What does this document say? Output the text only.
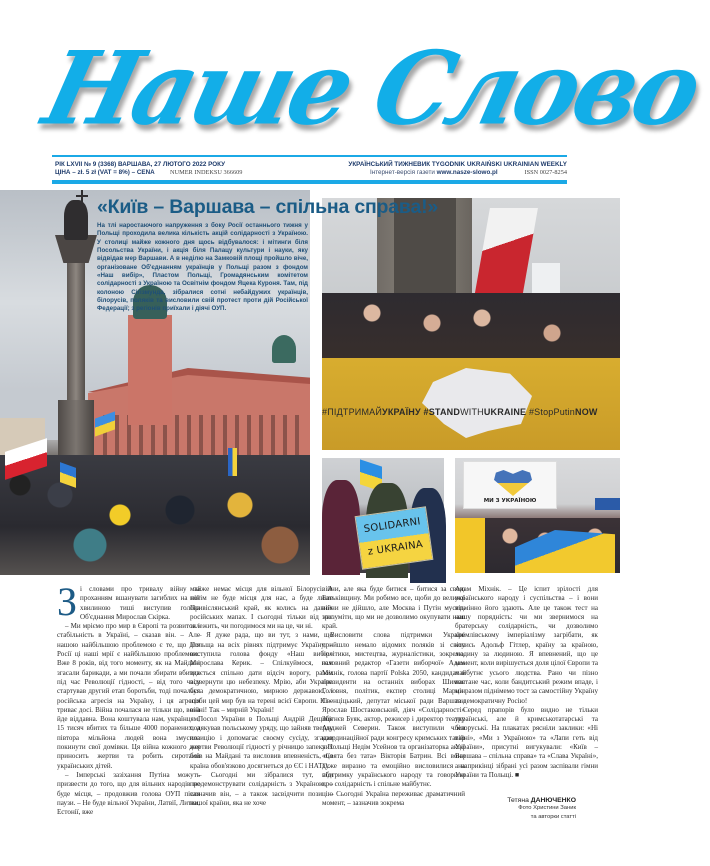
Наше Слово
РІК LXVII № 9 (3368) ВАРШАВА, 27 ЛЮТОГО 2022 РОКУ
ЦІНА – zł. 5 zł (VAT = 8%) – CENA NUMER INDEKSU 366609
УКРАЇНСЬКИЙ ТИЖНЕВИК TYGODNIK UKRAIŃSKI UKRAINIAN WEEKLY
Інтернет-версія газети www.nasze-slowo.pl	ISSN 0027-8254
«Київ – Варшава – спільна справа!»
На тлі наростаючого напруження з боку Росії останнього тижня у Польщі проходила велика кількість акцій солідарності з Україною. У столиці майже кожного дня щось відбувалося: і мітинги біля Посольства України, і акція біля Палацу культури і науки, яку відвідав мер Варшави. А в неділю на Замковій площі пройшло віче, організоване Об'єднанням українців у Польщі разом з фондом «Наш вибір», Пластом Польщі, Громадянським комітетом солідарності з Україною та Освітнім фондом Яцека Куроня. Там, під колоною Сігізмунда, зібралися сотні небайдужих українців, білорусів, поляків та висловили свій протест проти дій Російської Федерації; з регіонів приїхали і діячі ОУП.
#ПІДТРИМАЙУКРАЇНУ #STANDWITHUKRAINE #StopPutinNOW
SOLIDARNI
z UKRAINA
МИ З УКРАЇНОЮ

Зі словами про тривалу війну та проханням вшанувати загиблих на ній хвилиною тиші виступив голова Об'єднання Мирослав Скірка.

– Ми мріємо про мир в Європі та розвиток і стабільність в Україні, – сказав він. – Але нашою найбільшою проблемою є те, що для Росії ці наші мрії є найбільшою проблемою. Вже 8 років, від того моменту, як на Майдані згасали барикади, а ми почали збирати вбитих під час Революції гідності, – від того часу стартував другий етап боротьби, тоді почалася російська агресія на Україну, і ця агресія триває досі. Війна почалася не тільки що, вона йде віддавна. Вона коштувала нам, українцям, 15 тисяч вбитих та більше 4000 поранених, а півтора мільйона людей вона змусила покинути свої домівки. Ця війна кожного дня приносить жертви та робить сиротами українських дітей.

– Імперські зазіхання Путіна можуть призвести до того, що для вільних народів не буде місця, – продовжив голова ОУП після паузи. – Не буде вільної України, Латвії, Литви, Естонії, вже

майже немає місця для вільної Білорусі. А потім не буде місця для нас, а буде лише Привіслянський край, як колись на давніх російських мапах. І сьогодні тільки від нас залежить, чи погодимося ми на це, чи ні.

– Я дуже рада, що ви тут, з нами, що Польща на всіх рівнях підтримує Україну, – виступила голова фонду «Наш вибір» Мирослава Керик. – Спілкуймося, нам вдається спільно дати відсіч ворогу, разом відвернути цю небезпеку. Мрію, аби Україна була демократичною, мирною державою, і щоби цей мир був на терені всієї Європи. Ні – війні! Так – мирній Україні!

Посол України в Польщі Андрій Дещиця подякував польському уряду, що зайняв тверду позицію і допомагає своєму сусіду, згадав жертви Революції гідності у річницю запеклих боїв на Майдані та висловив впевненість, що країна обов'язково досягнеться до ЄС і НАТО.

– Сьогодні ми зібралися тут, аби продемонструвати солідарність з Україною, – зазначив він, – а також засвідчити позицію нашої країни, яка не хоче

війни, але яка буде битися – битися за свою Батьківщину. Ми робимо все, щоби до великої війни не дійшло, але Москва і Путін мусять зрозуміти, що ми не дозволимо окупувати наш край.

Висловити слова підтримки Україні прийшло немало відомих поляків зі світу політики, мистецтва, журналістики, зокрема, головний редактор «Газети виборчої» Адам Міхнік, голова партії Polska 2050, кандидат в президенти на останніх виборах Шимон Головня, політик, експер столиці Марцін Свенціцький, депутат міської ради Варшави Ярослав Шостаковський, діяч «Солідарності» Збігнєв Буяк, актор, режисер і директор театру Анджей Северин. Також виступили член координаційної ради конгресу кримських татар у Польщі Недім Усейнов та організаторка акції «Свята без тата» Вікторія Батрин. Всі вони дуже виразно та емоційно висловилися на підтримку українського народу та говорили про солідарність і спільне майбутнє.

– Сьогодні Україна переживає драматичний момент, – зазначив зокрема

Адам Міхнік. – Це іспит зрілості для українського народу і суспільства – і вони відмінно його здають. Але це також тест на нашу порядність: чи ми звернимося на братерську солідарність, чи дозволимо кремлівському імперіалізму загрібати, як колись Адольф Гітлер, країну за країною, людину за людиною. Я впевнений, що це момент, коли вирішується доля цілої Європи та майбутнє усього людства. Рано чи пізно настане час, коли бандитський режим впаде, і ми разом піднімемо тост за самостійну Україну та демократичну Росію!

Серед прапорів було видно не тільки українські, але й кримськотатарські та білоруські. На плакатах рясніли заклики: «Ні війні», «Ми з Україною» та «Лапи геть від України», присутні вигукували: «Київ – Варшава – спільна справа» та «Слава Україні», а наприкінці зібрані усі разом заспівали гімни України та Польщі. ■

Тетяна ДАНЮЧЕНКО
Фото Христини Заник
та авторки статті
